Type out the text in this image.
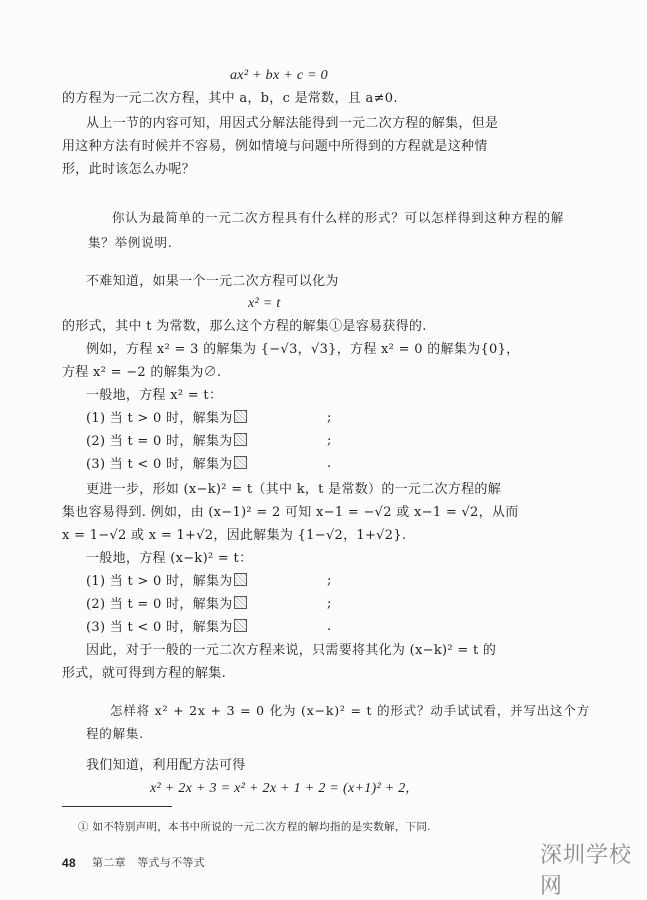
ax² + bx + c = 0
的方程为一元二次方程，其中 a，b，c 是常数，且 a≠0.
从上一节的内容可知，用因式分解法能得到一元二次方程的解集，但是
用这种方法有时候并不容易，例如情境与问题中所得到的方程就是这种情
形，此时该怎么办呢？
你认为最简单的一元二次方程具有什么样的形式？可以怎样得到这种方程的解
集？举例说明.
不难知道，如果一个一元二次方程可以化为
x² = t
的形式，其中 t 为常数，那么这个方程的解集①是容易获得的.
例如，方程 x² = 3 的解集为 {−√3，√3}，方程 x² = 0 的解集为{0}，
方程 x² = −2 的解集为∅.
一般地，方程 x² = t：
(1) 当 t > 0 时，解集为	;
(2) 当 t = 0 时，解集为	;
(3) 当 t < 0 时，解集为	.
更进一步，形如 (x−k)² = t（其中 k，t 是常数）的一元二次方程的解
集也容易得到. 例如，由 (x−1)² = 2 可知 x−1 = −√2 或 x−1 = √2，从而
x = 1−√2 或 x = 1+√2，因此解集为 {1−√2，1+√2}.
一般地，方程 (x−k)² = t：
(1) 当 t > 0 时，解集为	;
(2) 当 t = 0 时，解集为	;
(3) 当 t < 0 时，解集为	.
因此，对于一般的一元二次方程来说，只需要将其化为 (x−k)² = t 的
形式，就可得到方程的解集.
怎样将 x² + 2x + 3 = 0 化为 (x−k)² = t 的形式？动手试试看，并写出这个方
程的解集.
我们知道，利用配方法可得
x² + 2x + 3 = x² + 2x + 1 + 2 = (x+1)² + 2,
① 如不特别声明，本书中所说的一元二次方程的解均指的是实数解，下同.
48 第二章　等式与不等式	深圳学校网
